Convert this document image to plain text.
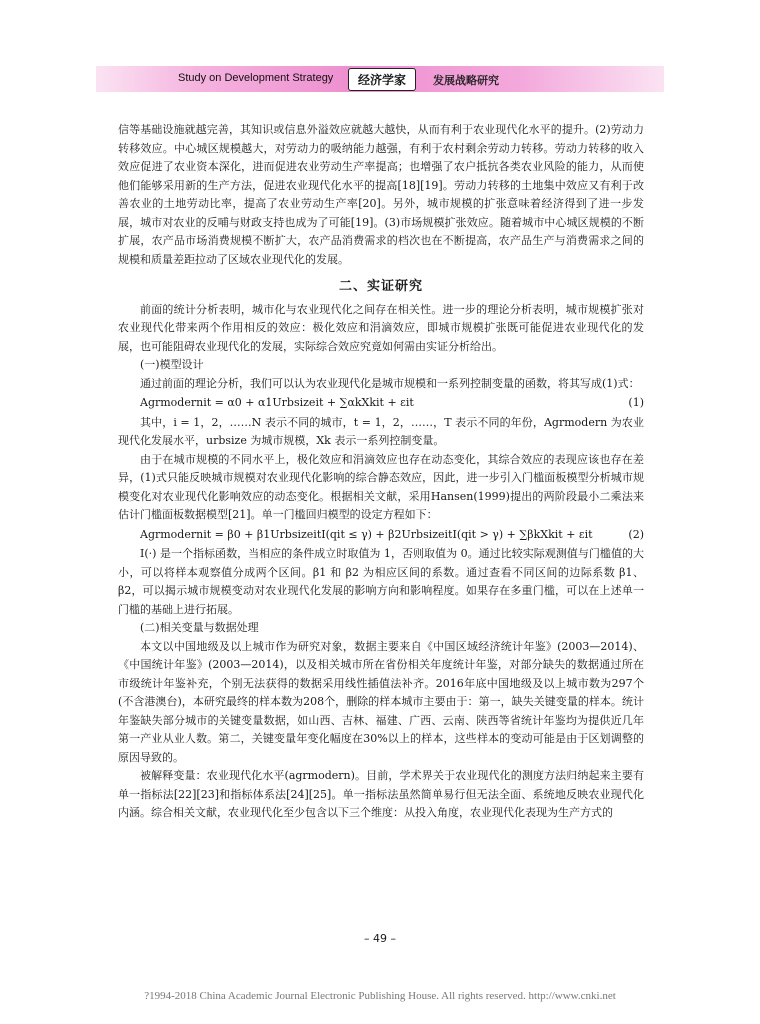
Study on Development Strategy	经济学家	发展战略研究

信等基础设施就越完善，其知识或信息外溢效应就越大越快，从而有利于农业现代化水平的提升。(2)劳动力转移效应。中心城区规模越大，对劳动力的吸纳能力越强，有利于农村剩余劳动力转移。劳动力转移的收入效应促进了农业资本深化，进而促进农业劳动生产率提高；也增强了农户抵抗各类农业风险的能力，从而使他们能够采用新的生产方法，促进农业现代化水平的提高[18][19]。劳动力转移的土地集中效应又有利于改善农业的土地劳动比率，提高了农业劳动生产率[20]。另外，城市规模的扩张意味着经济得到了进一步发展，城市对农业的反哺与财政支持也成为了可能[19]。(3)市场规模扩张效应。随着城市中心城区规模的不断扩展，农产品市场消费规模不断扩大，农产品消费需求的档次也在不断提高，农产品生产与消费需求之间的规模和质量差距拉动了区域农业现代化的发展。

二、实证研究

前面的统计分析表明，城市化与农业现代化之间存在相关性。进一步的理论分析表明，城市规模扩张对农业现代化带来两个作用相反的效应：极化效应和涓滴效应，即城市规模扩张既可能促进农业现代化的发展，也可能阻碍农业现代化的发展，实际综合效应究竟如何需由实证分析给出。

(一)模型设计

通过前面的理论分析，我们可以认为农业现代化是城市规模和一系列控制变量的函数，将其写成(1)式：

Agrmodernit = α0 + α1Urbsizeit + ∑αkXkit + εit	(1)

其中，i = 1，2，……N 表示不同的城市，t = 1，2，……，T 表示不同的年份，Agrmodern 为农业现代化发展水平，urbsize 为城市规模，Xk 表示一系列控制变量。

由于在城市规模的不同水平上，极化效应和涓滴效应也存在动态变化，其综合效应的表现应该也存在差异，(1)式只能反映城市规模对农业现代化影响的综合静态效应，因此，进一步引入门槛面板模型分析城市规模变化对农业现代化影响效应的动态变化。根据相关文献，采用Hansen(1999)提出的两阶段最小二乘法来估计门槛面板数据模型[21]。单一门槛回归模型的设定方程如下：

Agrmodernit = β0 + β1UrbsizeitI(qit ≤ γ) + β2UrbsizeitI(qit > γ) + ∑βkXkit + εit	(2)

I(·) 是一个指标函数，当相应的条件成立时取值为 1，否则取值为 0。通过比较实际观测值与门槛值的大小，可以将样本观察值分成两个区间。β1 和 β2 为相应区间的系数。通过查看不同区间的边际系数 β1、β2，可以揭示城市规模变动对农业现代化发展的影响方向和影响程度。如果存在多重门槛，可以在上述单一门槛的基础上进行拓展。

(二)相关变量与数据处理

本文以中国地级及以上城市作为研究对象，数据主要来自《中国区域经济统计年鉴》(2003—2014)、《中国统计年鉴》(2003—2014)，以及相关城市所在省份相关年度统计年鉴，对部分缺失的数据通过所在市级统计年鉴补充，个别无法获得的数据采用线性插值法补齐。2016年底中国地级及以上城市数为297个(不含港澳台)，本研究最终的样本数为208个，删除的样本城市主要由于：第一，缺失关键变量的样本。统计年鉴缺失部分城市的关键变量数据，如山西、吉林、福建、广西、云南、陕西等省统计年鉴均为提供近几年第一产业从业人数。第二，关键变量年变化幅度在30%以上的样本，这些样本的变动可能是由于区划调整的原因导致的。

被解释变量：农业现代化水平(agrmodern)。目前，学术界关于农业现代化的测度方法归纳起来主要有单一指标法[22][23]和指标体系法[24][25]。单一指标法虽然简单易行但无法全面、系统地反映农业现代化内涵。综合相关文献，农业现代化至少包含以下三个维度：从投入角度，农业现代化表现为生产方式的

– 49 –
?1994-2018 China Academic Journal Electronic Publishing House. All rights reserved. http://www.cnki.net
